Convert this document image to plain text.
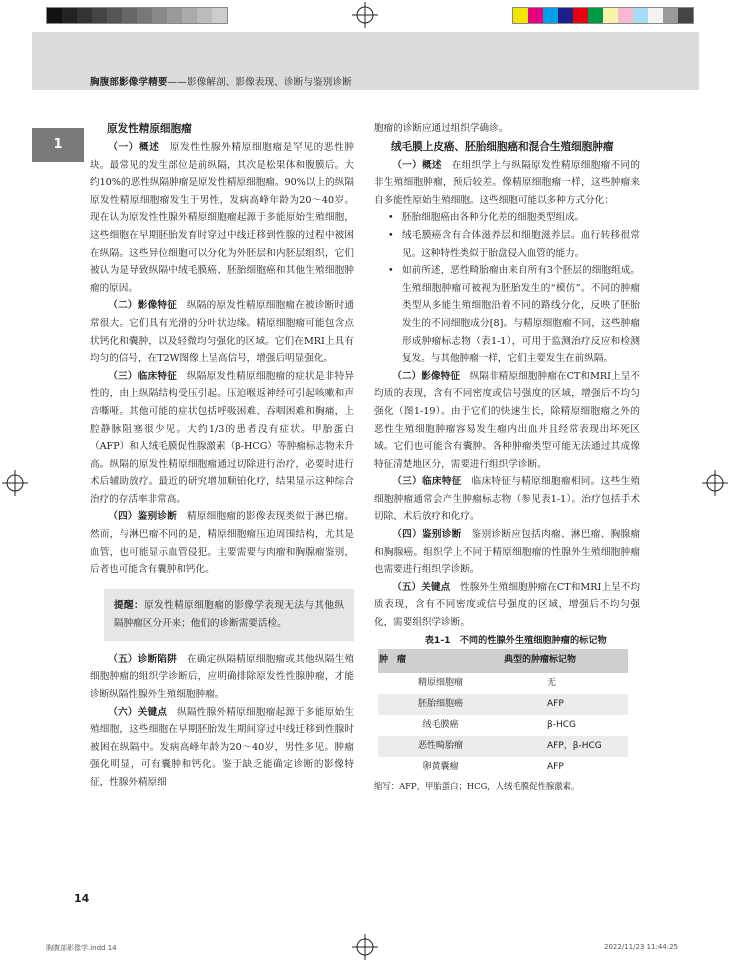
胸腹部影像学精要——影像解剖、影像表现、诊断与鉴别诊断
1

原发性精原细胞瘤

（一）概述　 原发性性腺外精原细胞瘤是罕见的恶性肿块。最常见的发生部位是前纵隔，其次是松果体和腹膜后。大约10%的恶性纵隔肿瘤是原发性精原细胞瘤。90%以上的纵隔原发性精原细胞瘤发生于男性，发病高峰年龄为20～40岁。现在认为原发性性腺外精原细胞瘤起源于多能原始生殖细胞，这些细胞在早期胚胎发育时穿过中线迁移到性腺的过程中被困在纵隔。这些异位细胞可以分化为外胚层和内胚层组织，它们被认为是导致纵隔中绒毛膜癌、胚胎细胞癌和其他生殖细胞肿瘤的原因。

（二）影像特征　 纵隔的原发性精原细胞瘤在被诊断时通常很大。它们具有光滑的分叶状边缘。精原细胞瘤可能包含点状钙化和囊肿，以及轻微均匀强化的区域。它们在MRI上具有均匀的信号，在T2W图像上呈高信号，增强后明显强化。

（三）临床特征　 纵隔原发性精原细胞瘤的症状是非特异性的，由上纵隔结构受压引起。压迫喉返神经可引起咳嗽和声音嘶哑。其他可能的症状包括呼吸困难、吞咽困难和胸痛，上腔静脉阻塞很少见。大约1/3的患者没有症状。甲胎蛋白（AFP）和人绒毛膜促性腺激素（β-HCG）等肿瘤标志物未升高。纵隔的原发性精原细胞瘤通过切除进行治疗，必要时进行术后辅助放疗。最近的研究增加顺铂化疗，结果显示这种综合治疗的存活率非常高。

（四）鉴别诊断　 精原细胞瘤的影像表现类似于淋巴瘤。然而，与淋巴瘤不同的是，精原细胞瘤压迫周围结构，尤其是血管，也可能显示血管侵犯。主要需要与肉瘤和胸腺瘤鉴别，后者也可能含有囊肿和钙化。

提醒：原发性精原细胞瘤的影像学表现无法与其他纵隔肿瘤区分开来；他们的诊断需要活检。

（五）诊断陷阱　 在确定纵隔精原细胞瘤或其他纵隔生殖细胞肿瘤的组织学诊断后，应明确排除原发性性腺肿瘤，才能诊断纵隔性腺外生殖细胞肿瘤。

（六）关键点　 纵隔性腺外精原细胞瘤起源于多能原始生殖细胞，这些细胞在早期胚胎发生期间穿过中线迁移到性腺时被困在纵隔中。发病高峰年龄为20～40岁，男性多见。肿瘤强化明显，可有囊肿和钙化。鉴于缺乏能确定诊断的影像特征，性腺外精原细

胞瘤的诊断应通过组织学确诊。

绒毛膜上皮癌、胚胎细胞癌和混合生殖细胞肿瘤

（一）概述　 在组织学上与纵隔原发性精原细胞瘤不同的非生殖细胞肿瘤，预后较差。像精原细胞瘤一样，这些肿瘤来自多能性原始生殖细胞。这些细胞可能以多种方式分化：

• 胚胎细胞癌由各种分化差的细胞类型组成。

• 绒毛膜癌含有合体滋养层和细胞滋养层。血行转移很常见。这种特性类似于胎盘侵入血管的能力。

• 如前所述，恶性畸胎瘤由来自所有3个胚层的细胞组成。生殖细胞肿瘤可被视为胚胎发生的“模仿”。不同的肿瘤类型从多能生殖细胞沿着不同的路线分化，反映了胚胎发生的不同细胞成分[8]。与精原细胞瘤不同，这些肿瘤形成肿瘤标志物（表1-1），可用于监测治疗反应和检测复发。与其他肿瘤一样，它们主要发生在前纵隔。

（二）影像特征　 纵隔非精原细胞肿瘤在CT和MRI上呈不均质的表现，含有不同密度或信号强度的区域，增强后不均匀强化（图1-19）。由于它们的快速生长，除精原细胞瘤之外的恶性生殖细胞肿瘤容易发生瘤内出血并且经常表现出坏死区域。它们也可能含有囊肿。各种肿瘤类型可能无法通过其成像特征清楚地区分，需要进行组织学诊断。

（三）临床特征　 临床特征与精原细胞瘤相同。这些生殖细胞肿瘤通常会产生肿瘤标志物（参见表1-1）。治疗包括手术切除、术后放疗和化疗。

（四）鉴别诊断　 鉴别诊断应包括肉瘤、淋巴瘤、胸腺瘤和胸腺癌。组织学上不同于精原细胞瘤的性腺外生殖细胞肿瘤也需要进行组织学诊断。

（五）关键点　 性腺外生殖细胞肿瘤在CT和MRI上呈不均质表现，含有不同密度或信号强度的区域，增强后不均匀强化，需要组织学诊断。

表1-1　不同的性腺外生殖细胞肿瘤的标记物

肿　瘤	典型的肿瘤标记物
精原细胞瘤	无
胚胎细胞癌	AFP
绒毛膜癌	β-HCG
恶性畸胎瘤	AFP，β-HCG
卵黄囊瘤	AFP

缩写：AFP，甲胎蛋白；HCG，人绒毛膜促性腺激素。

14
胸腹部影像学.indd 14	2022/11/23 11:44:25
